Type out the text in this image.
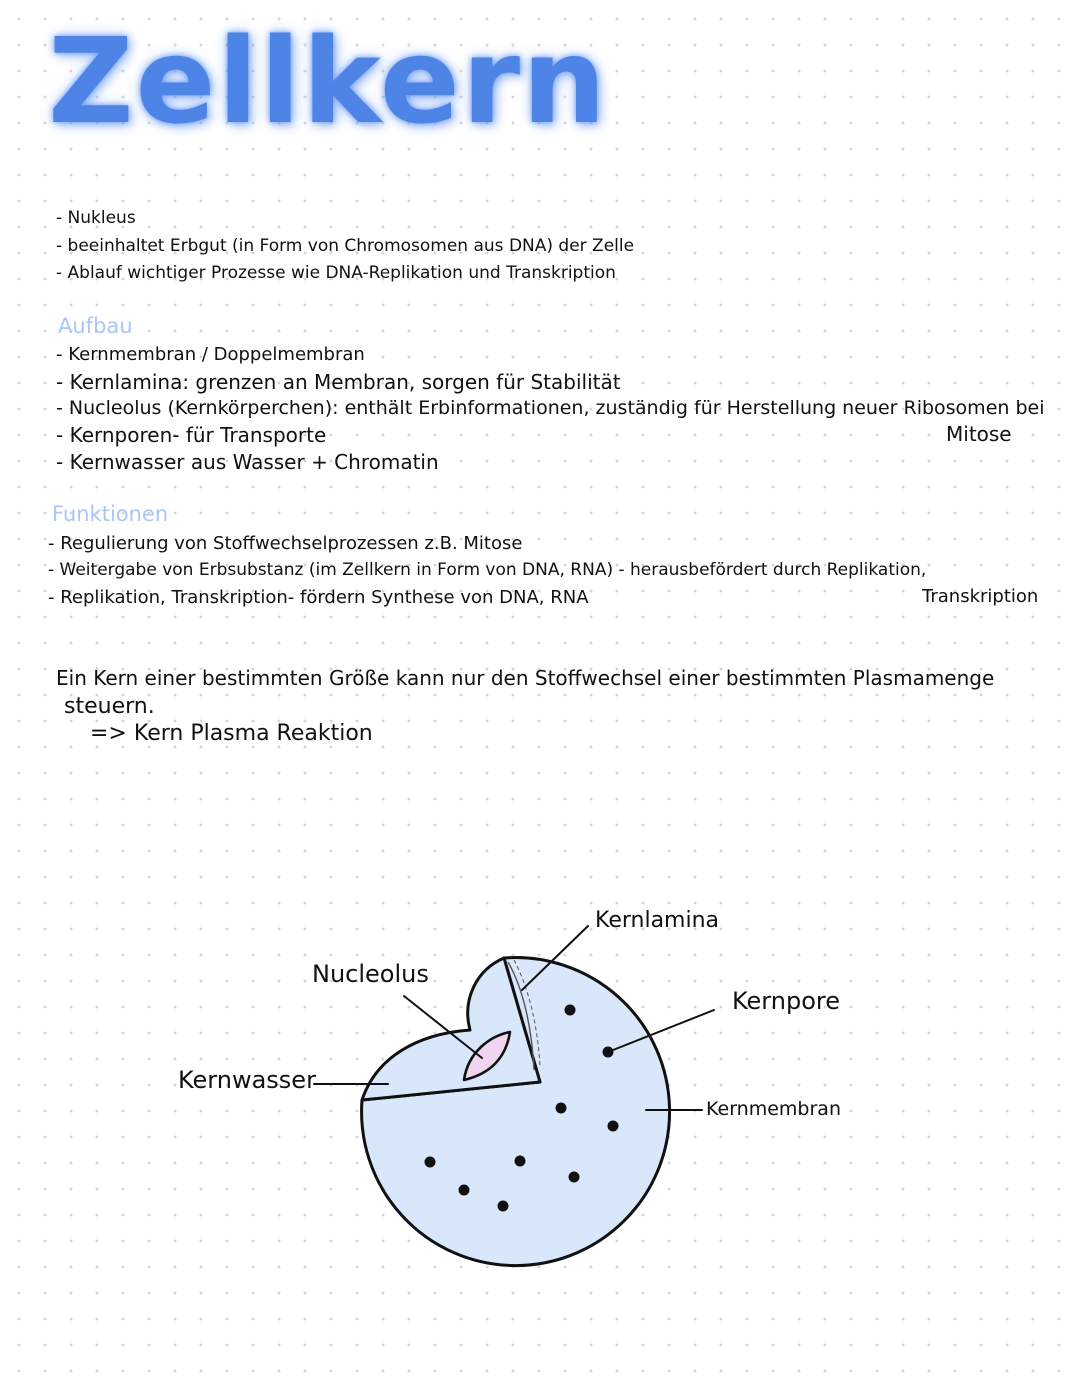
Zellkern
- Nukleus
- beeinhaltet Erbgut (in Form von Chromosomen aus DNA) der Zelle
- Ablauf wichtiger Prozesse wie DNA-Replikation und Transkription
Aufbau
- Kernmembran / Doppelmembran
- Kernlamina: grenzen an Membran, sorgen für Stabilität
- Nucleolus (Kernkörperchen): enthält Erbinformationen, zuständig für Herstellung neuer Ribosomen bei
- Kernporen- für Transporte
- Kernwasser aus Wasser + Chromatin
Mitose
Funktionen
- Regulierung von Stoffwechselprozessen z.B. Mitose
- Weitergabe von Erbsubstanz (im Zellkern in Form von DNA, RNA) - herausbefördert durch Replikation,
- Replikation, Transkription- fördern Synthese von DNA, RNA	Transkription
Ein Kern einer bestimmten Größe kann nur den Stoffwechsel einer bestimmten Plasmamenge
steuern.
=> Kern Plasma Reaktion
Kernlamina
Nucleolus
Kernpore
Kernwasser
Kernmembran
